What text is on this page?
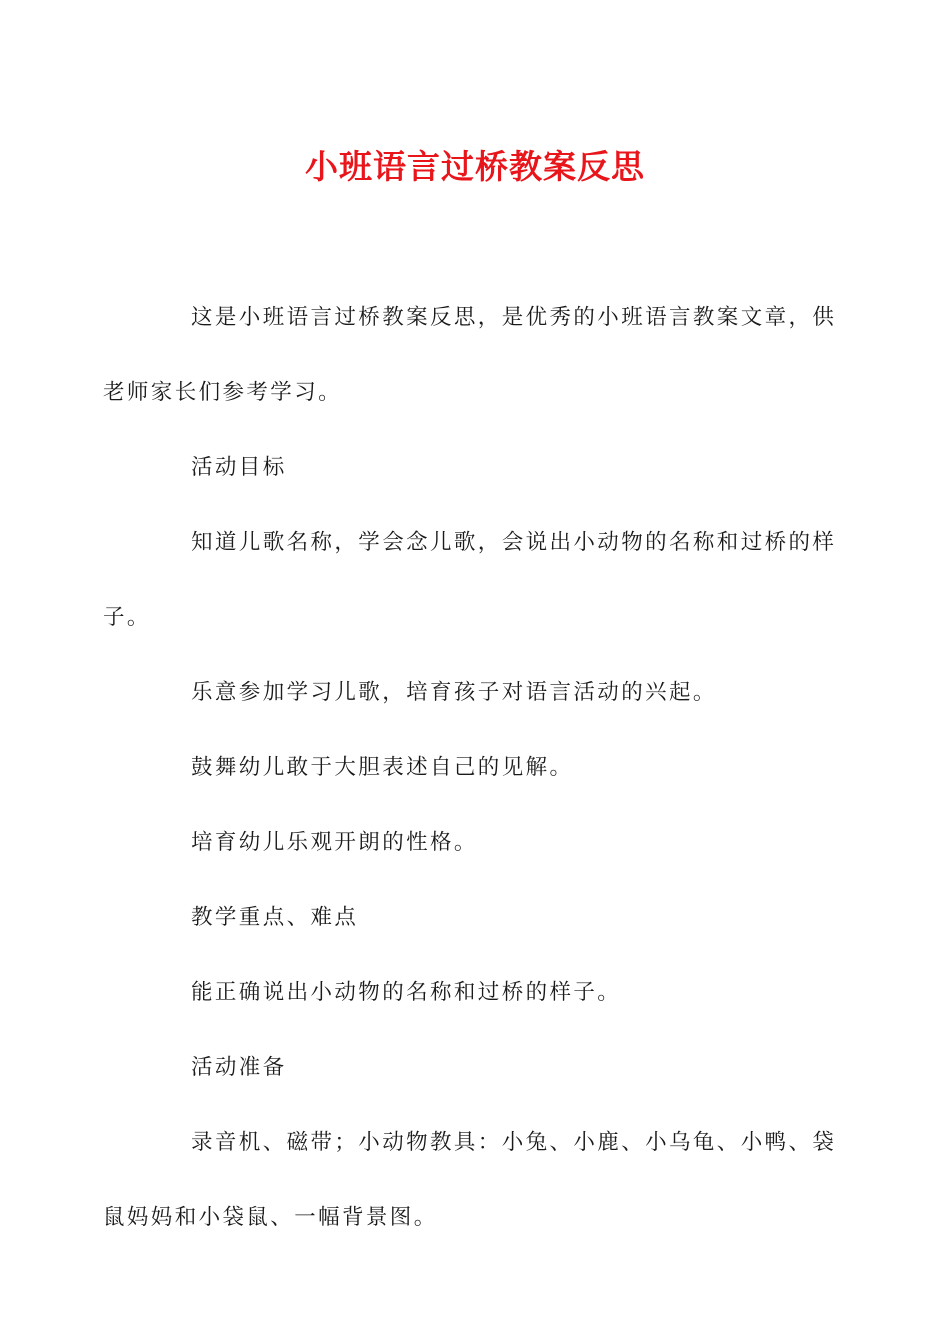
小班语言过桥教案反思
这是小班语言过桥教案反思，是优秀的小班语言教案文章，供
老师家长们参考学习。
活动目标
知道儿歌名称，学会念儿歌，会说出小动物的名称和过桥的样
子。
乐意参加学习儿歌，培育孩子对语言活动的兴起。
鼓舞幼儿敢于大胆表述自己的见解。
培育幼儿乐观开朗的性格。
教学重点、难点
能正确说出小动物的名称和过桥的样子。
活动准备
录音机、磁带；小动物教具：小兔、小鹿、小乌龟、小鸭、袋
鼠妈妈和小袋鼠、一幅背景图。
